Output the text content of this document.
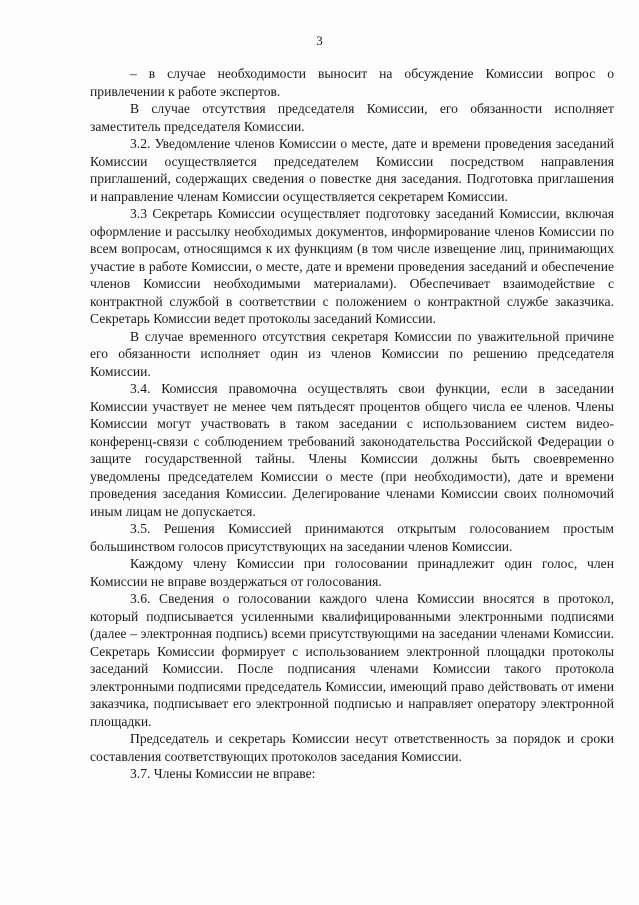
3

– в случае необходимости выносит на обсуждение Комиссии вопрос о привлечении к работе экспертов.

В случае отсутствия председателя Комиссии, его обязанности исполняет заместитель председателя Комиссии.

3.2. Уведомление членов Комиссии о месте, дате и времени проведения заседаний Комиссии осуществляется председателем Комиссии посредством направления приглашений, содержащих сведения о повестке дня заседания. Подготовка приглашения и направление членам Комиссии осуществляется секретарем Комиссии.

3.3 Секретарь Комиссии осуществляет подготовку заседаний Комиссии, включая оформление и рассылку необходимых документов, информирование членов Комиссии по всем вопросам, относящимся к их функциям (в том числе извещение лиц, принимающих участие в работе Комиссии, о месте, дате и времени проведения заседаний и обеспечение членов Комиссии необходимыми материалами). Обеспечивает взаимодействие с контрактной службой в соответствии с положением о контрактной службе заказчика. Секретарь Комиссии ведет протоколы заседаний Комиссии.

В случае временного отсутствия секретаря Комиссии по уважительной причине его обязанности исполняет один из членов Комиссии по решению председателя Комиссии.

3.4. Комиссия правомочна осуществлять свои функции, если в заседании Комиссии участвует не менее чем пятьдесят процентов общего числа ее членов. Члены Комиссии могут участвовать в таком заседании с использованием систем видео-конференц-связи с соблюдением требований законодательства Российской Федерации о защите государственной тайны. Члены Комиссии должны быть своевременно уведомлены председателем Комиссии о месте (при необходимости), дате и времени проведения заседания Комиссии. Делегирование членами Комиссии своих полномочий иным лицам не допускается.

3.5. Решения Комиссией принимаются открытым голосованием простым большинством голосов присутствующих на заседании членов Комиссии.

Каждому члену Комиссии при голосовании принадлежит один голос, член Комиссии не вправе воздержаться от голосования.

3.6. Сведения о голосовании каждого члена Комиссии вносятся в протокол, который подписывается усиленными квалифицированными электронными подписями (далее – электронная подпись) всеми присутствующими на заседании членами Комиссии. Секретарь Комиссии формирует с использованием электронной площадки протоколы заседаний Комиссии. После подписания членами Комиссии такого протокола электронными подписями председатель Комиссии, имеющий право действовать от имени заказчика, подписывает его электронной подписью и направляет оператору электронной площадки.

Председатель и секретарь Комиссии несут ответственность за порядок и сроки составления соответствующих протоколов заседания Комиссии.

3.7. Члены Комиссии не вправе:
